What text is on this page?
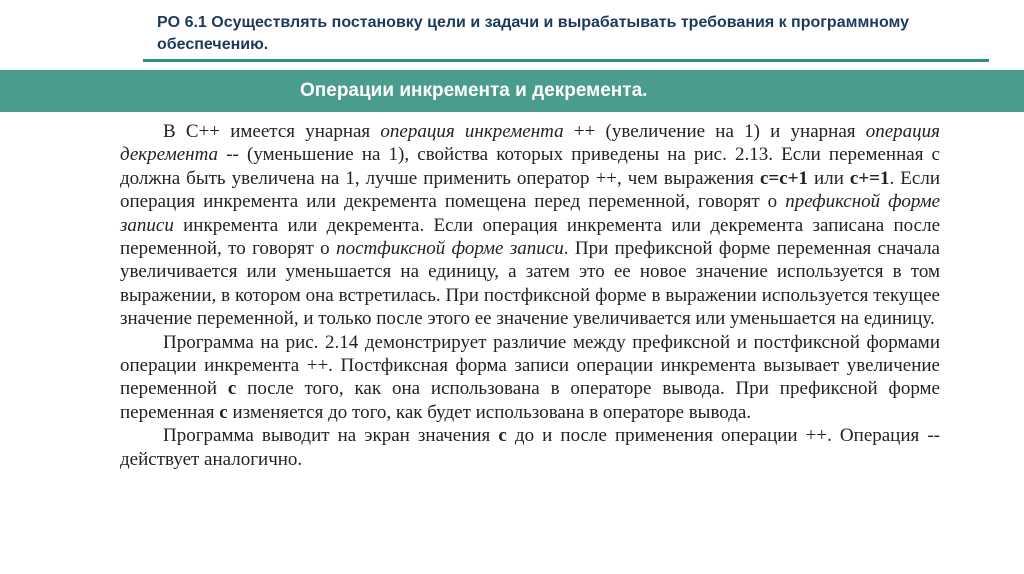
PO 6.1 Осуществлять постановку цели и задачи и вырабатывать требования к программному обеспечению.
Операции инкремента и декремента.

В С++ имеется унарная операция инкремента ++ (увеличение на 1) и унарная операция декремента -- (уменьшение на 1), свойства которых приведены на рис. 2.13. Если переменная с должна быть увеличена на 1, лучше применить оператор ++, чем выражения с=с+1 или с+=1. Если операция инкремента или декремента помещена перед переменной, говорят о префиксной форме записи инкремента или декремента. Если операция инкремента или декремента записана после переменной, то говорят о постфиксной форме записи. При префиксной форме переменная сначала увеличивается или уменьшается на единицу, а затем это ее новое значение используется в том выражении, в котором она встретилась. При постфиксной форме в выражении используется текущее значение переменной, и только после этого ее значение увеличивается или уменьшается на единицу.

Программа на рис. 2.14 демонстрирует различие между префиксной и постфиксной формами операции инкремента ++. Постфиксная форма записи операции инкремента вызывает увеличение переменной с после того, как она использована в операторе вывода. При префиксной форме переменная с изменяется до того, как будет использована в операторе вывода.

Программа выводит на экран значения с до и после применения операции ++. Операция -- действует аналогично.
